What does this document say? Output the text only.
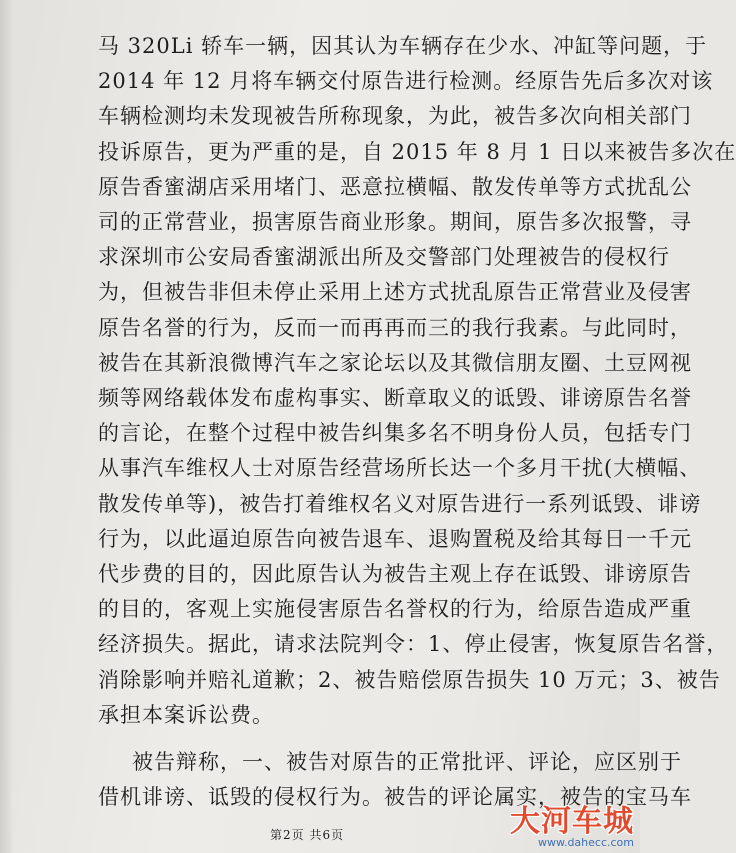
马 320Li 轿车一辆，因其认为车辆存在少水、冲缸等问题，于
2014 年 12 月将车辆交付原告进行检测。经原告先后多次对该
车辆检测均未发现被告所称现象，为此，被告多次向相关部门
投诉原告，更为严重的是，自 2015 年 8 月 1 日以来被告多次在
原告香蜜湖店采用堵门、恶意拉横幅、散发传单等方式扰乱公
司的正常营业，损害原告商业形象。期间，原告多次报警，寻
求深圳市公安局香蜜湖派出所及交警部门处理被告的侵权行
为，但被告非但未停止采用上述方式扰乱原告正常营业及侵害
原告名誉的行为，反而一而再再而三的我行我素。与此同时，
被告在其新浪微博汽车之家论坛以及其微信朋友圈、土豆网视
频等网络载体发布虚构事实、断章取义的诋毁、诽谤原告名誉
的言论，在整个过程中被告纠集多名不明身份人员，包括专门
从事汽车维权人士对原告经营场所长达一个多月干扰(大横幅、
散发传单等)，被告打着维权名义对原告进行一系列诋毁、诽谤
行为，以此逼迫原告向被告退车、退购置税及给其每日一千元
代步费的目的，因此原告认为被告主观上存在诋毁、诽谤原告
的目的，客观上实施侵害原告名誉权的行为，给原告造成严重
经济损失。据此，请求法院判令：1、停止侵害，恢复原告名誉，
消除影响并赔礼道歉；2、被告赔偿原告损失 10 万元；3、被告
承担本案诉讼费。
被告辩称，一、被告对原告的正常批评、评论，应区别于
借机诽谤、诋毁的侵权行为。被告的评论属实，被告的宝马车
第2页 共6页	大河车城
www.dahecc.com
